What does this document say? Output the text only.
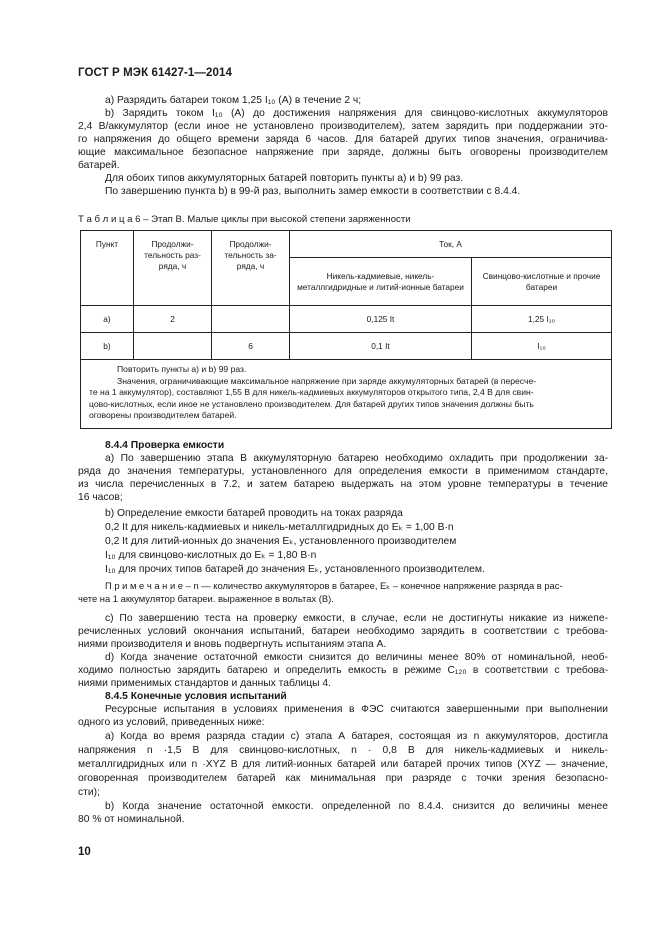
ГОСТ Р МЭК 61427-1—2014
а) Разрядить батареи током 1,25 I₁₀ (А) в течение 2 ч;
b) Зарядить током I₁₀ (А) до достижения напряжения для свинцово-кислотных аккумуляторов
2,4 В/аккумулятор (если иное не установлено производителем), затем зарядить при поддержании это-
го напряжения до общего времени заряда 6 часов. Для батарей других типов значения, ограничива-
ющие максимальное безопасное напряжение при заряде, должны быть оговорены производителем
батарей.
Для обоих типов аккумуляторных батарей повторить пункты а) и b) 99 раз.
По завершению пункта b) в 99-й раз, выполнить замер емкости в соответствии с 8.4.4.
Т а б л и ц а 6 – Этап В. Малые циклы при высокой степени заряженности
Пункт	Продолжи-тельность раз-ряда, ч	Продолжи-тельность за-ряда, ч	Ток, А	
			Никель-кадмиевые, никель-металлгидридные и литий-ионные батареи	Свинцово-кислотные и прочие батареи
a)	2		0,125 It	1,25 I₁₀
b)		6	0,1 It	I₁₀

Повторить пункты а) и b) 99 раз.
Значения, ограничивающие максимальное напряжение при заряде аккумуляторных батарей (в пересче-
те на 1 аккумулятор), составляют 1,55 В для никель-кадмиевых аккумуляторов открытого типа, 2,4 В для свин-
цово-кислотных, если иное не установлено производителем. Для батарей других типов значения должны быть
оговорены производителем батарей.				
8.4.4 Проверка емкости
а) По завершению этапа В аккумуляторную батарею необходимо охладить при продолжении за-
ряда до значения температуры, установленного для определения емкости в применимом стандарте,
из числа перечисленных в 7.2, и затем батарею выдержать на этом уровне температуры в течение
16 часов;
b) Определение емкости батарей проводить на токах разряда
0,2 It для никель-кадмиевых и никель-металлгидридных до Eₖ = 1,00 В·n
0,2 It для литий-ионных до значения Eₖ, установленного производителем
I₁₀ для свинцово-кислотных до Eₖ = 1,80 В·n
I₁₀ для прочих типов батарей до значения Eₖ, установленного производителем.
П р и м е ч а н и е – n — количество аккумуляторов в батарее, Eₖ – конечное напряжение разряда в рас-
чете на 1 аккумулятор батареи. выраженное в вольтах (В).
с) По завершению теста на проверку емкости, в случае, если не достигнуты никакие из нижепе-
речисленных условий окончания испытаний, батареи необходимо зарядить в соответствии с требова-
ниями производителя и вновь подвергнуть испытаниям этапа А.
d) Когда значение остаточной емкости снизится до величины менее 80% от номинальной, необ-
ходимо полностью зарядить батарею и определить емкость в режиме C₁₂₀ в соответствии с требова-
ниями применимых стандартов и данных таблицы 4.
8.4.5 Конечные условия испытаний
Ресурсные испытания в условиях применения в ФЭС считаются завершенными при выполнении
одного из условий, приведенных ниже:
а) Когда во время разряда стадии с) этапа А батарея, состоящая из n аккумуляторов, достигла
напряжения n ·1,5 В для свинцово-кислотных, n · 0,8 В для никель-кадмиевых и никель-
металлгидридных или n ·XYZ В для литий-ионных батарей или батарей прочих типов (XYZ — значение,
оговоренная производителем батарей как минимальная при разряде с точки зрения безопасно-
сти);
b) Когда значение остаточной емкости. определенной по 8.4.4. снизится до величины менее
80 % от номинальной.
10
